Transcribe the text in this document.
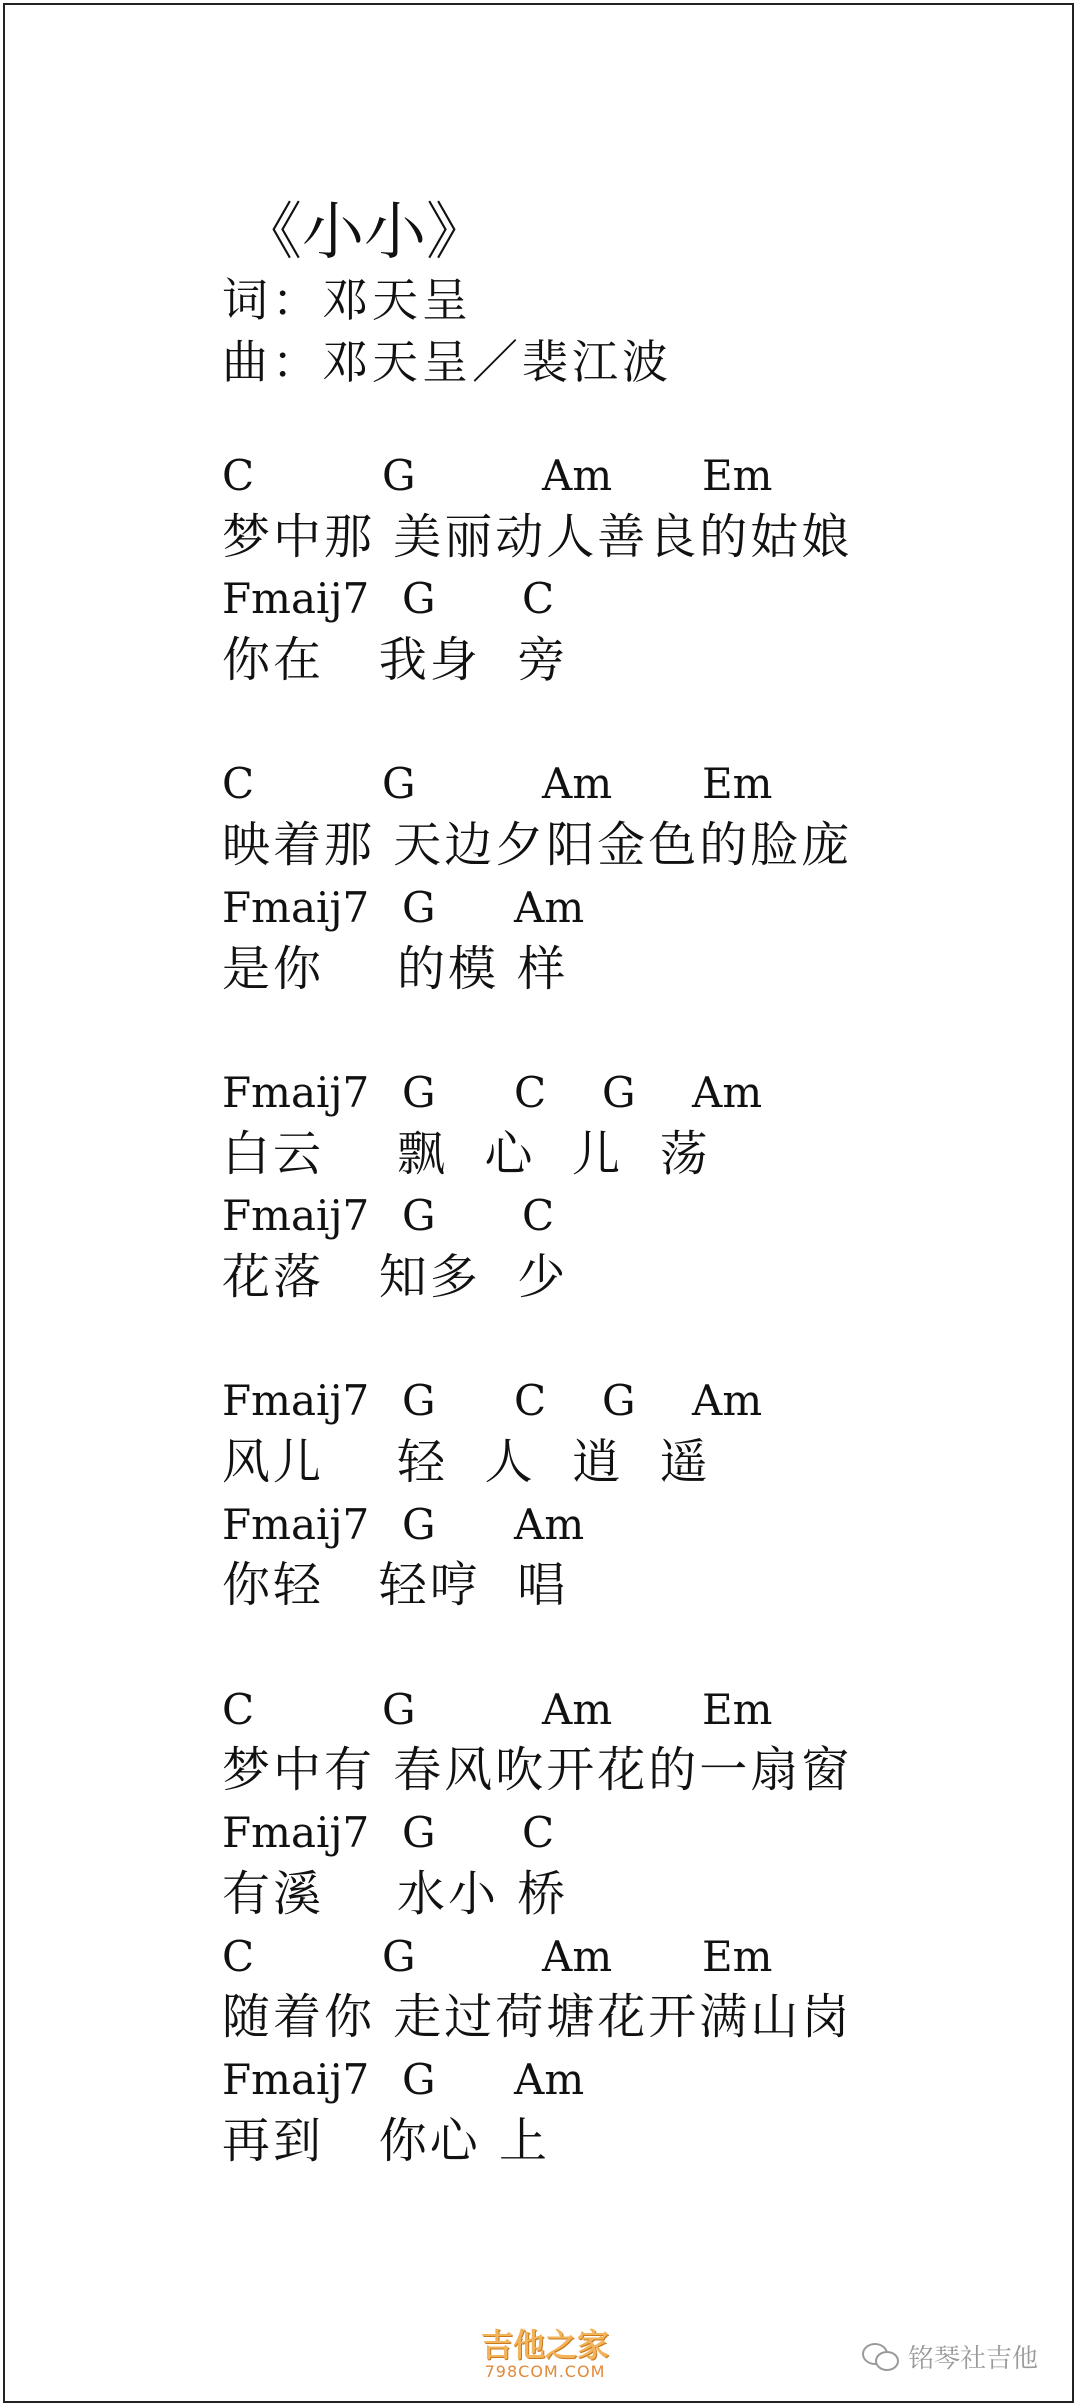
《小小》
词：邓天呈
曲：邓天呈／裴江波
C	G	Am Em
梦中那 美丽动人善良的姑娘
Fmaij7 G C
你在   我身  旁
C	G	Am Em
映着那 天边夕阳金色的脸庞
Fmaij7 G Am
是你    的模 样
Fmaij7 G C G Am
白云    飘  心  儿  荡
Fmaij7 G C
花落   知多  少
Fmaij7 G C G Am
风儿    轻  人  逍  遥
Fmaij7 G Am
你轻   轻哼  唱
C	G	Am Em
梦中有 春风吹开花的一扇窗
Fmaij7 G C
有溪    水小 桥
C	G	Am Em
随着你 走过荷塘花开满山岗
Fmaij7 G Am
再到   你心 上
吉他之家
798COM.COM	铭琴社吉他
